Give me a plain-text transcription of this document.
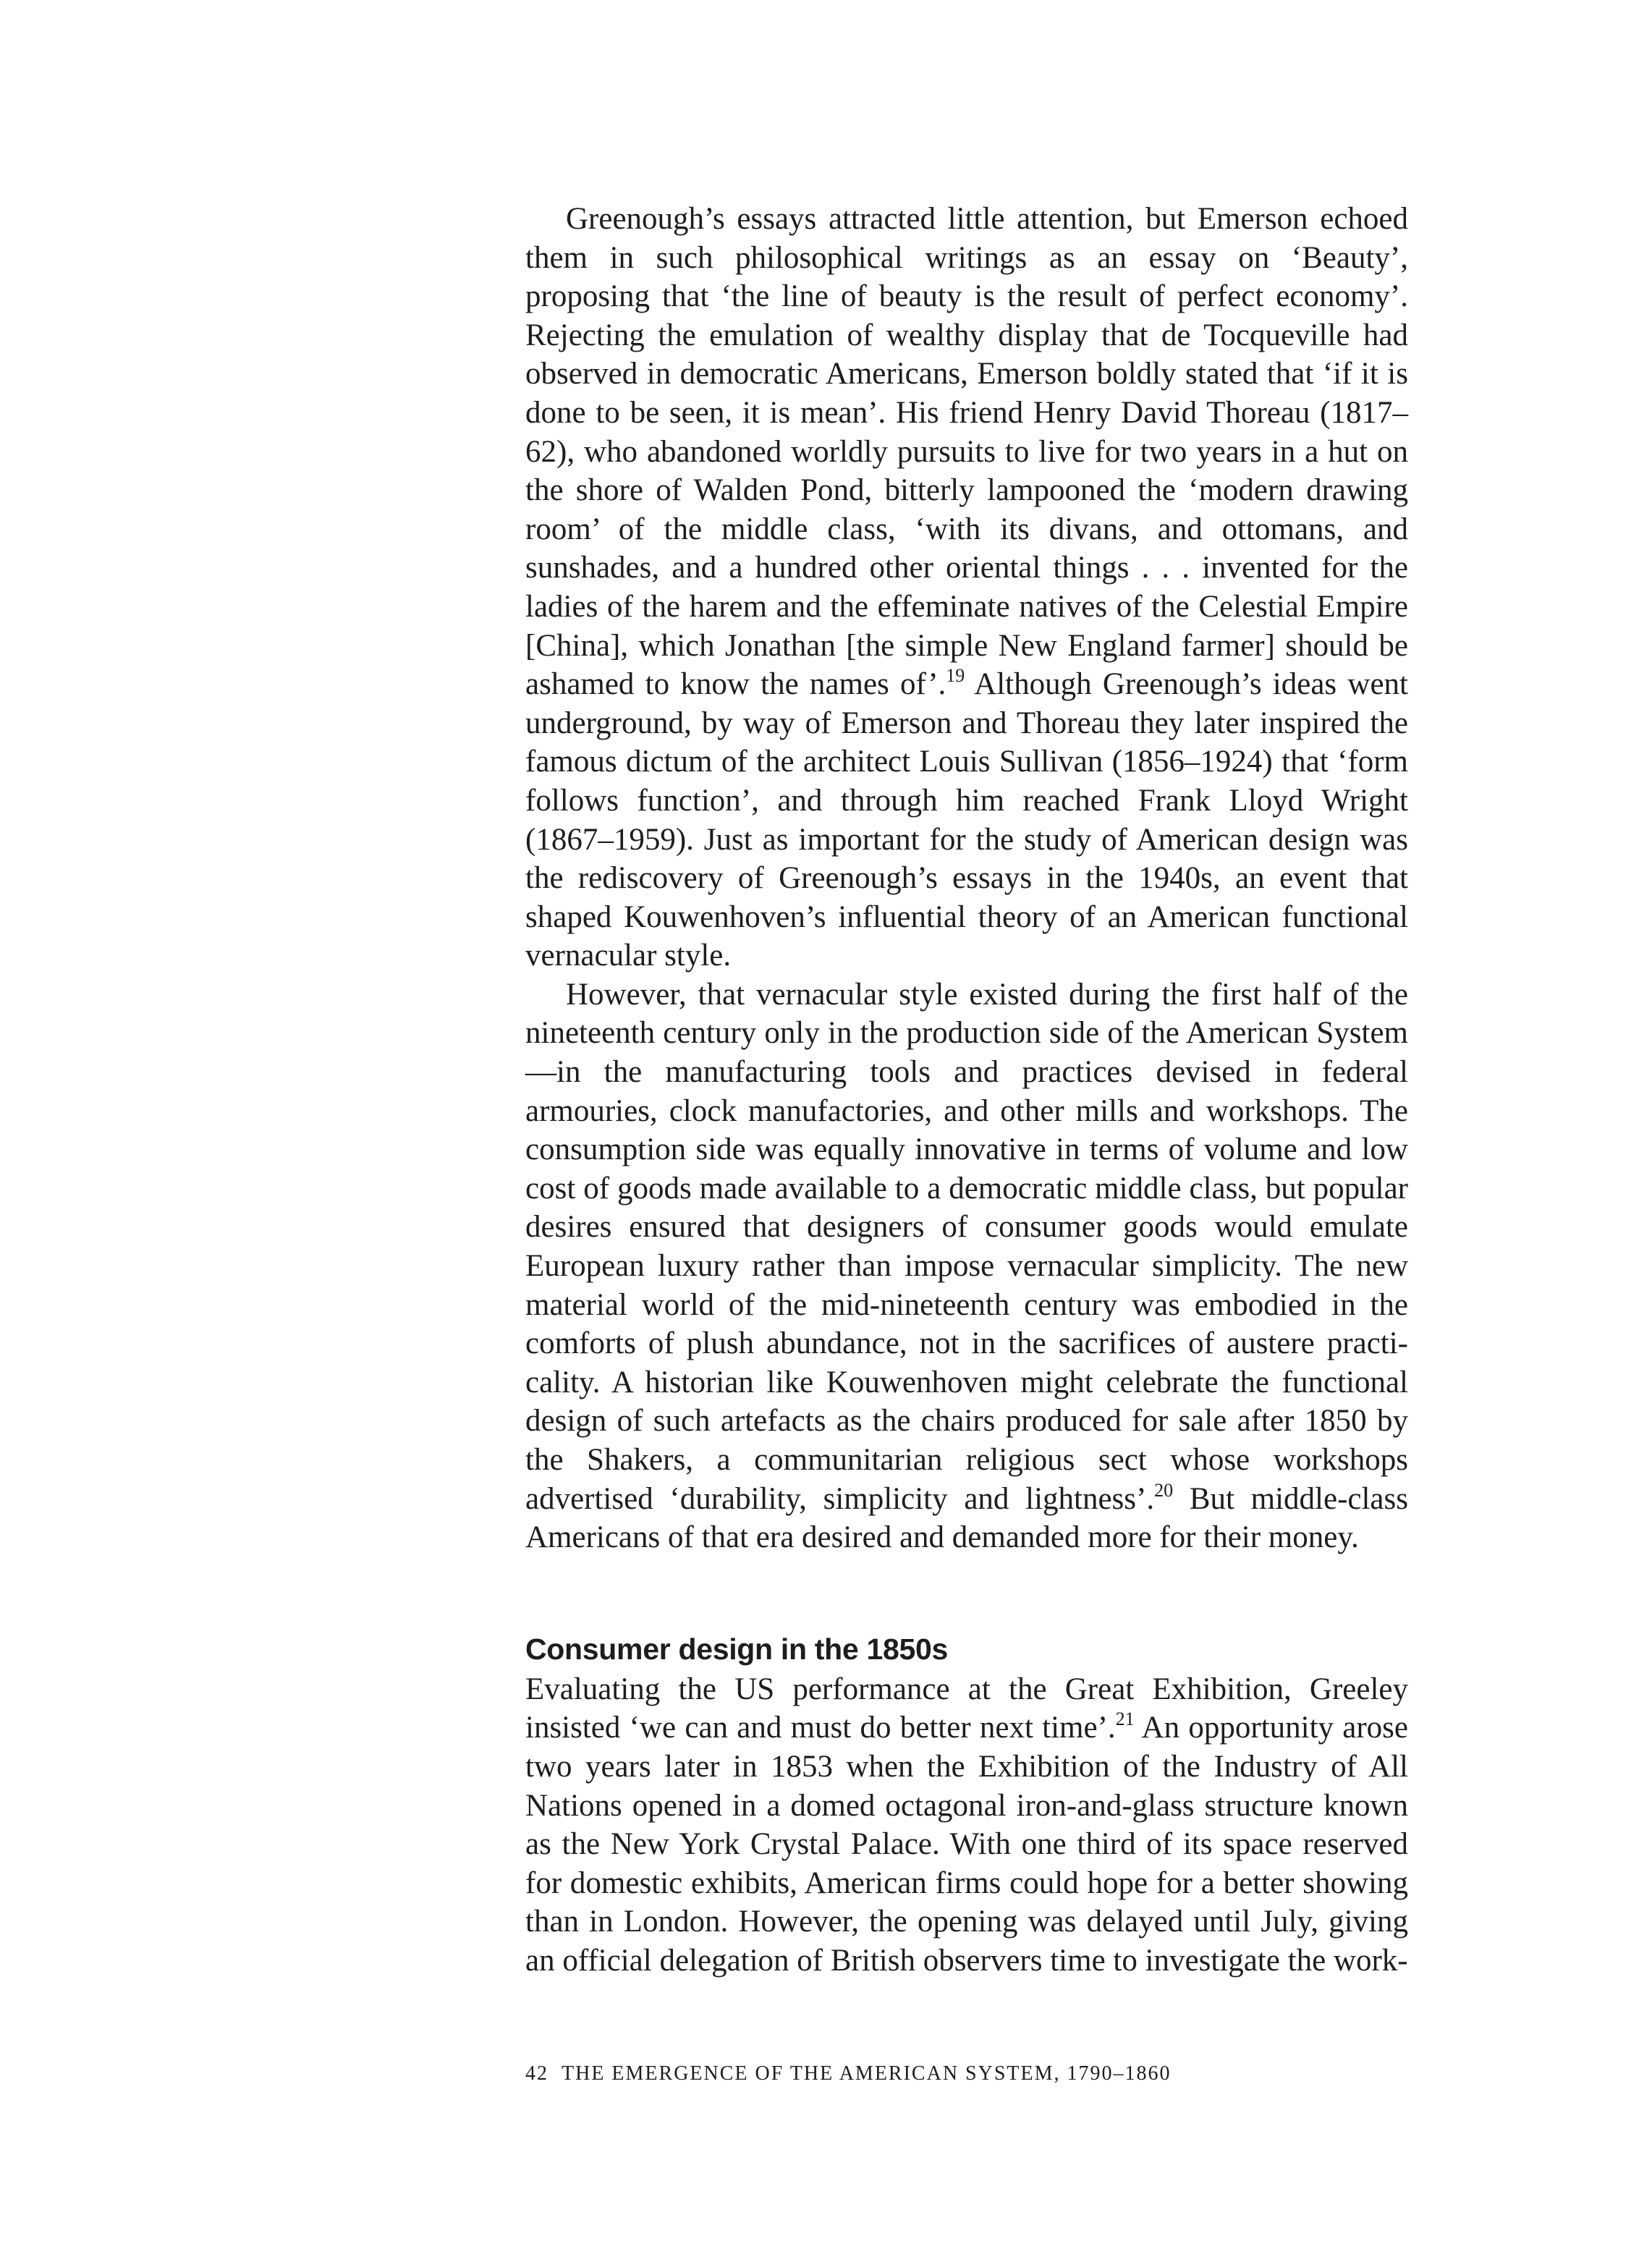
Greenough’s essays attracted little attention, but Emerson echoed them in such philosophical writings as an essay on ‘Beauty’, proposing that ‘the line of beauty is the result of perfect economy’. Rejecting the emulation of wealthy display that de Tocqueville had observed in democratic Americans, Emerson boldly stated that ‘if it is done to be seen, it is mean’. His friend Henry David Thoreau (1817–62), who abandoned worldly pursuits to live for two years in a hut on the shore of Walden Pond, bitterly lampooned the ‘modern drawing room’ of the middle class, ‘with its divans, and ottomans, and sunshades, and a hundred other oriental things . . . invented for the ladies of the harem and the effeminate natives of the Celestial Empire [China], which Jonathan [the simple New England farmer] should be ashamed to know the names of’.$^{19}$ Although Greenough’s ideas went underground, by way of Emerson and Thoreau they later inspired the famous dictum of the architect Louis Sullivan (1856–1924) that ‘form follows function’, and through him reached Frank Lloyd Wright (1867–1959). Just as important for the study of American design was the rediscovery of Greenough’s essays in the 1940s, an event that shaped Kouwenhoven’s influential theory of an American functional vernacular style.

However, that vernacular style existed during the first half of the nineteenth century only in the production side of the American System—in the manufacturing tools and practices devised in federal armouries, clock manufactories, and other mills and workshops. The consumption side was equally innovative in terms of volume and low cost of goods made available to a democratic middle class, but popular desires ensured that designers of consumer goods would emulate European luxury rather than impose vernacular simplicity. The new material world of the mid-nineteenth century was embodied in the comforts of plush abundance, not in the sacrifices of austere practi-cality. A historian like Kouwenhoven might celebrate the functional design of such artefacts as the chairs produced for sale after 1850 by the Shakers, a communitarian religious sect whose workshops advertised ‘durability, simplicity and lightness’.$^{20}$ But middle-class Americans of that era desired and demanded more for their money.

Consumer design in the 1850s

Evaluating the US performance at the Great Exhibition, Greeley insisted ‘we can and must do better next time’.$^{21}$ An opportunity arose two years later in 1853 when the Exhibition of the Industry of All Nations opened in a domed octagonal iron-and-glass structure known as the New York Crystal Palace. With one third of its space reserved for domestic exhibits, American firms could hope for a better showing than in London. However, the opening was delayed until July, giving an official delegation of British observers time to investigate the work-

42 THE EMERGENCE OF THE AMERICAN SYSTEM, 1790–1860
